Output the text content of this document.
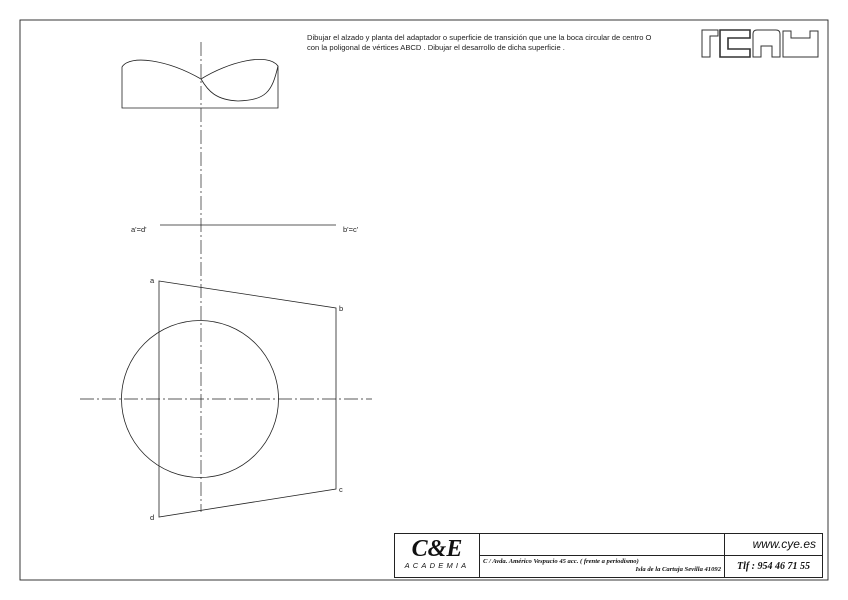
a'=d'	b'=c'
a
b
c
d
Dibujar el alzado y planta del adaptador o superficie de transición que une la boca circular de centro O
con la poligonal de vértices ABCD . Dibujar el desarrollo de dicha superficie .
C&E
ACADEMIA	C / Avda. Américo Vespucio 45 acc. ( frente a periodismo)
Isla de la Cartuja Sevilla 41092
www.cye.es
Tlf : 954 46 71 55
